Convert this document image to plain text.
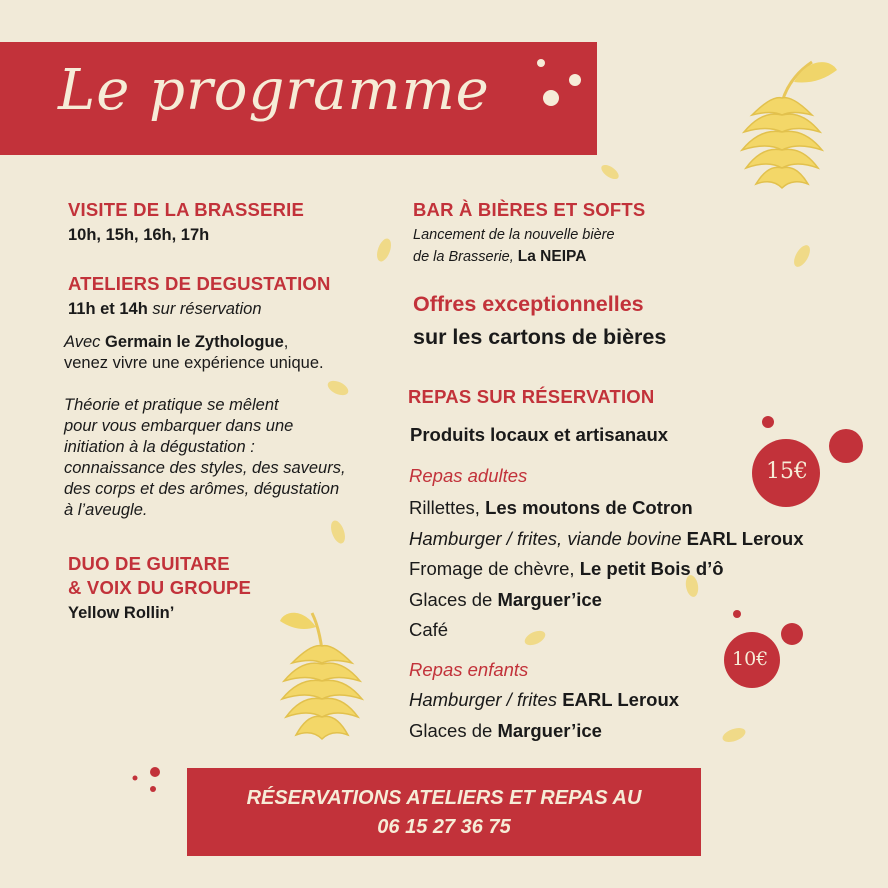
Le programme
VISITE DE LA BRASSERIE
10h, 15h, 16h, 17h
ATELIERS DE DEGUSTATION
11h et 14h sur réservation
Avec Germain le Zythologue,
venez vivre une expérience unique.
Théorie et pratique se mêlent
pour vous embarquer dans une
initiation à la dégustation :
connaissance des styles, des saveurs,
des corps et des arômes, dégustation
à l’aveugle.
DUO DE GUITARE
& VOIX DU GROUPE
Yellow Rollin’
BAR À BIÈRES ET SOFTS
Lancement de la nouvelle bière
de la Brasserie, La NEIPA
Offres exceptionnelles
sur les cartons de bières
REPAS SUR RÉSERVATION
Produits locaux et artisanaux
Repas adultes	15€
Rillettes, Les moutons de Cotron
Hamburger / frites, viande bovine EARL Leroux
Fromage de chèvre, Le petit Bois d’ô
Glaces de Marguer’ice
Café
Repas enfants	10€
Hamburger / frites EARL Leroux
Glaces de Marguer’ice
RÉSERVATIONS ATELIERS ET REPAS AU
06 15 27 36 75
